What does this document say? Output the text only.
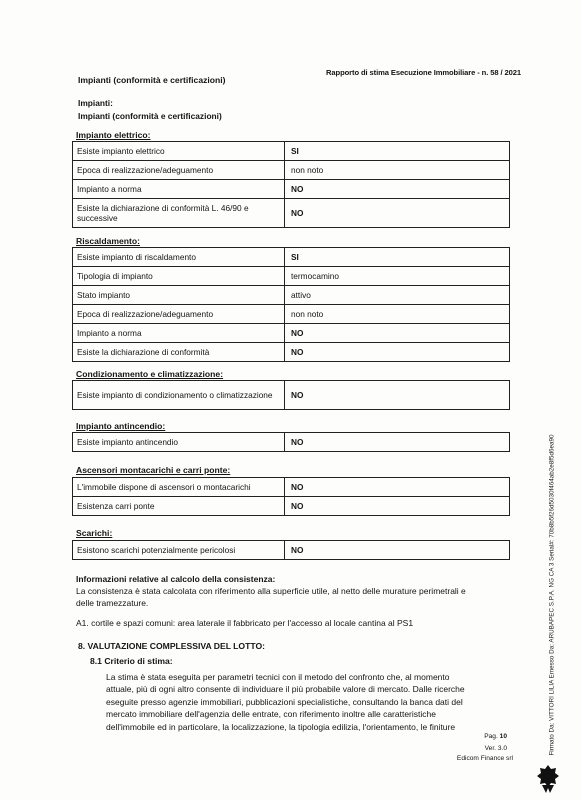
Rapporto di stima Esecuzione Immobiliare - n. 58 / 2021
Impianti (conformità e certificazioni)
Impianti:
Impianti (conformità e certificazioni)
Impianto elettrico:
Esiste impianto elettrico	SI
Epoca di realizzazione/adeguamento	non noto
Impianto a norma	NO
Esiste la dichiarazione di conformità L. 46/90 e successive	NO
Riscaldamento:
Esiste impianto di riscaldamento	SI
Tipologia di impianto	termocamino
Stato impianto	attivo
Epoca di realizzazione/adeguamento	non noto
Impianto a norma	NO
Esiste la dichiarazione di conformità	NO
Condizionamento e climatizzazione:
Esiste impianto di condizionamento o climatizzazione	NO
Impianto antincendio:
Esiste impianto antincendio	NO
Ascensori montacarichi e carri ponte:
L'immobile dispone di ascensori o montacarichi	NO
Esistenza carri ponte	NO
Scarichi:
Esistono scarichi potenzialmente pericolosi	NO
Informazioni relative al calcolo della consistenza:
La consistenza è stata calcolata con riferimento alla superficie utile, al netto delle murature perimetrali e
delle tramezzature.
A1. cortile e spazi comuni: area laterale il fabbricato per l'accesso al locale cantina al PS1
8. VALUTAZIONE COMPLESSIVA DEL LOTTO:
8.1 Criterio di stima:
La stima è stata eseguita per parametri tecnici con il metodo del confronto che, al momento
attuale, più di ogni altro consente di individuare il più probabile valore di mercato. Dalle ricerche
eseguite presso agenzie immobiliari, pubblicazioni specialistiche, consultando la banca dati del
mercato immobiliare dell'agenzia delle entrate, con riferimento inoltre alle caratteristiche
dell'immobile ed in particolare, la localizzazione, la tipologia edilizia, l'orientamento, le finiture
Pag. 10
Ver. 3.0
Edicom Finance srl
Firmato Da: VITTORI LILIA Emesso Da: ARUBAPEC S.P.A. NG CA 3 Serial#: 70b8b5f26d5030f464ab2e8f5d6ea90
